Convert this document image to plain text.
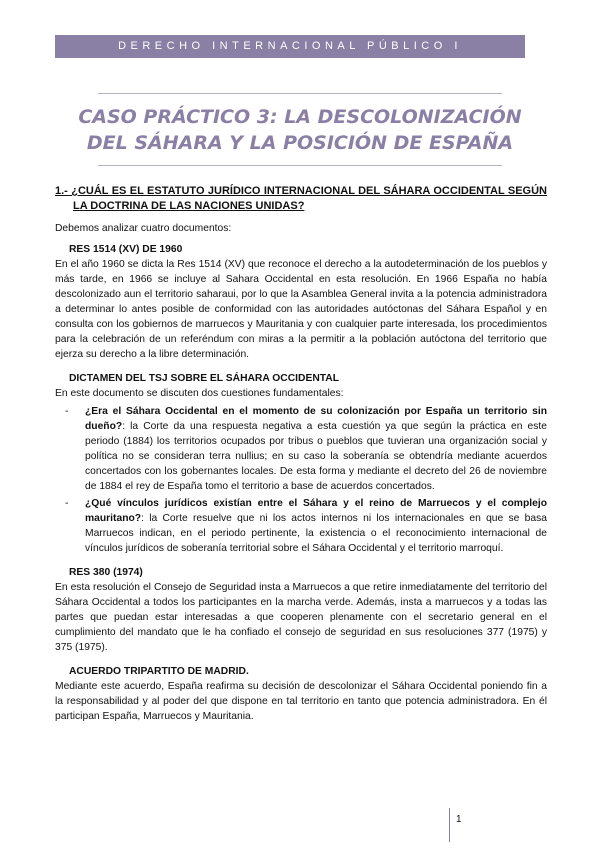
DERECHO INTERNACIONAL PÚBLICO I
CASO PRÁCTICO 3: LA DESCOLONIZACIÓN
DEL SÁHARA Y LA POSICIÓN DE ESPAÑA

1.- ¿CUÁL ES EL ESTATUTO JURÍDICO INTERNACIONAL DEL SÁHARA OCCIDENTAL SEGÚN LA DOCTRINA DE LAS NACIONES UNIDAS?

Debemos analizar cuatro documentos:

RES 1514 (XV) DE 1960

En el año 1960 se dicta la Res 1514 (XV) que reconoce el derecho a la autodeterminación de los pueblos y más tarde, en 1966 se incluye al Sahara Occidental en esta resolución. En 1966 España no había descolonizado aun el territorio saharaui, por lo que la Asamblea General invita a la potencia administradora a determinar lo antes posible de conformidad con las autoridades autóctonas del Sáhara Español y en consulta con los gobiernos de marruecos y Mauritania y con cualquier parte interesada, los procedimientos para la celebración de un referéndum con miras a la permitir a la población autóctona del territorio que ejerza su derecho a la libre determinación.

DICTAMEN DEL TSJ SOBRE EL SÁHARA OCCIDENTAL

En este documento se discuten dos cuestiones fundamentales:

- ¿Era el Sáhara Occidental en el momento de su colonización por España un territorio sin dueño?: la Corte da una respuesta negativa a esta cuestión ya que según la práctica en este periodo (1884) los territorios ocupados por tribus o pueblos que tuvieran una organización social y política no se consideran terra nullius; en su caso la soberanía se obtendría mediante acuerdos concertados con los gobernantes locales. De esta forma y mediante el decreto del 26 de noviembre de 1884 el rey de España tomo el territorio a base de acuerdos concertados.
- ¿Qué vínculos jurídicos existían entre el Sáhara y el reino de Marruecos y el complejo mauritano?: la Corte resuelve que ni los actos internos ni los internacionales en que se basa Marruecos indican, en el periodo pertinente, la existencia o el reconocimiento internacional de vínculos jurídicos de soberanía territorial sobre el Sáhara Occidental y el territorio marroquí.
RES 380 (1974)

En esta resolución el Consejo de Seguridad insta a Marruecos a que retire inmediatamente del territorio del Sáhara Occidental a todos los participantes en la marcha verde. Además, insta a marruecos y a todas las partes que puedan estar interesadas a que cooperen plenamente con el secretario general en el cumplimiento del mandato que le ha confiado el consejo de seguridad en sus resoluciones 377 (1975) y 375 (1975).

ACUERDO TRIPARTITO DE MADRID.

Mediante este acuerdo, España reafirma su decisión de descolonizar el Sáhara Occidental poniendo fin a la responsabilidad y al poder del que dispone en tal territorio en tanto que potencia administradora. En él participan España, Marruecos y Mauritania.

1
